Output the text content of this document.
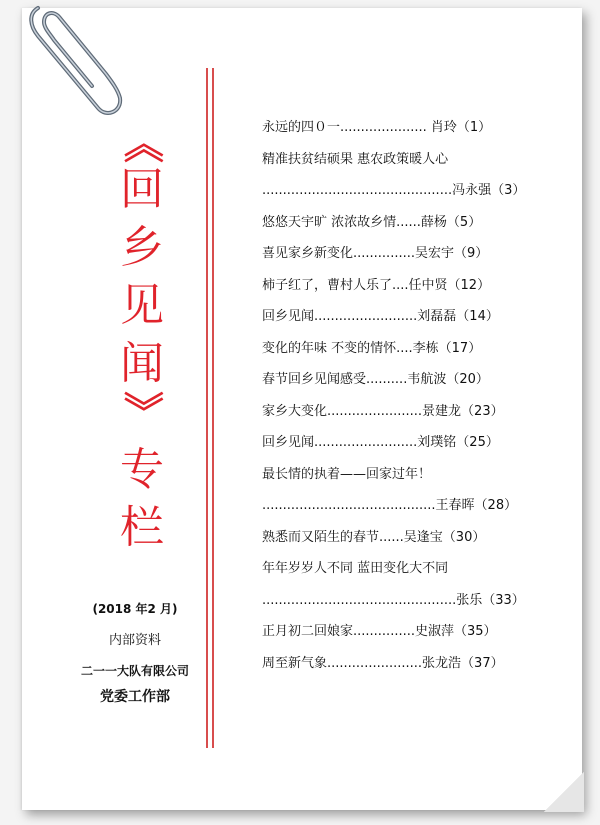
《
回
乡
见
闻
》
专
栏
(2018 年2 月)
内部资料
二一一大队有限公司
党委工作部
永远的四０一..................... 肖玲（1）
精准扶贫结硕果 惠农政策暖人心
..............................................冯永强（3）
悠悠天宇旷 浓浓故乡情......薛杨（5）
喜见家乡新变化...............吴宏宇（9）
柿子红了，曹村人乐了....任中贤（12）
回乡见闻.........................刘磊磊（14）
变化的年味 不变的情怀....李栋（17）
春节回乡见闻感受..........韦航波（20）
家乡大变化.......................景建龙（23）
回乡见闻.........................刘璞铭（25）
最长情的执着——回家过年！
..........................................王春晖（28）
熟悉而又陌生的春节......吴逢宝（30）
年年岁岁人不同 蓝田变化大不同
...............................................张乐（33）
正月初二回娘家...............史淑萍（35）
周至新气象.......................张龙浩（37）
